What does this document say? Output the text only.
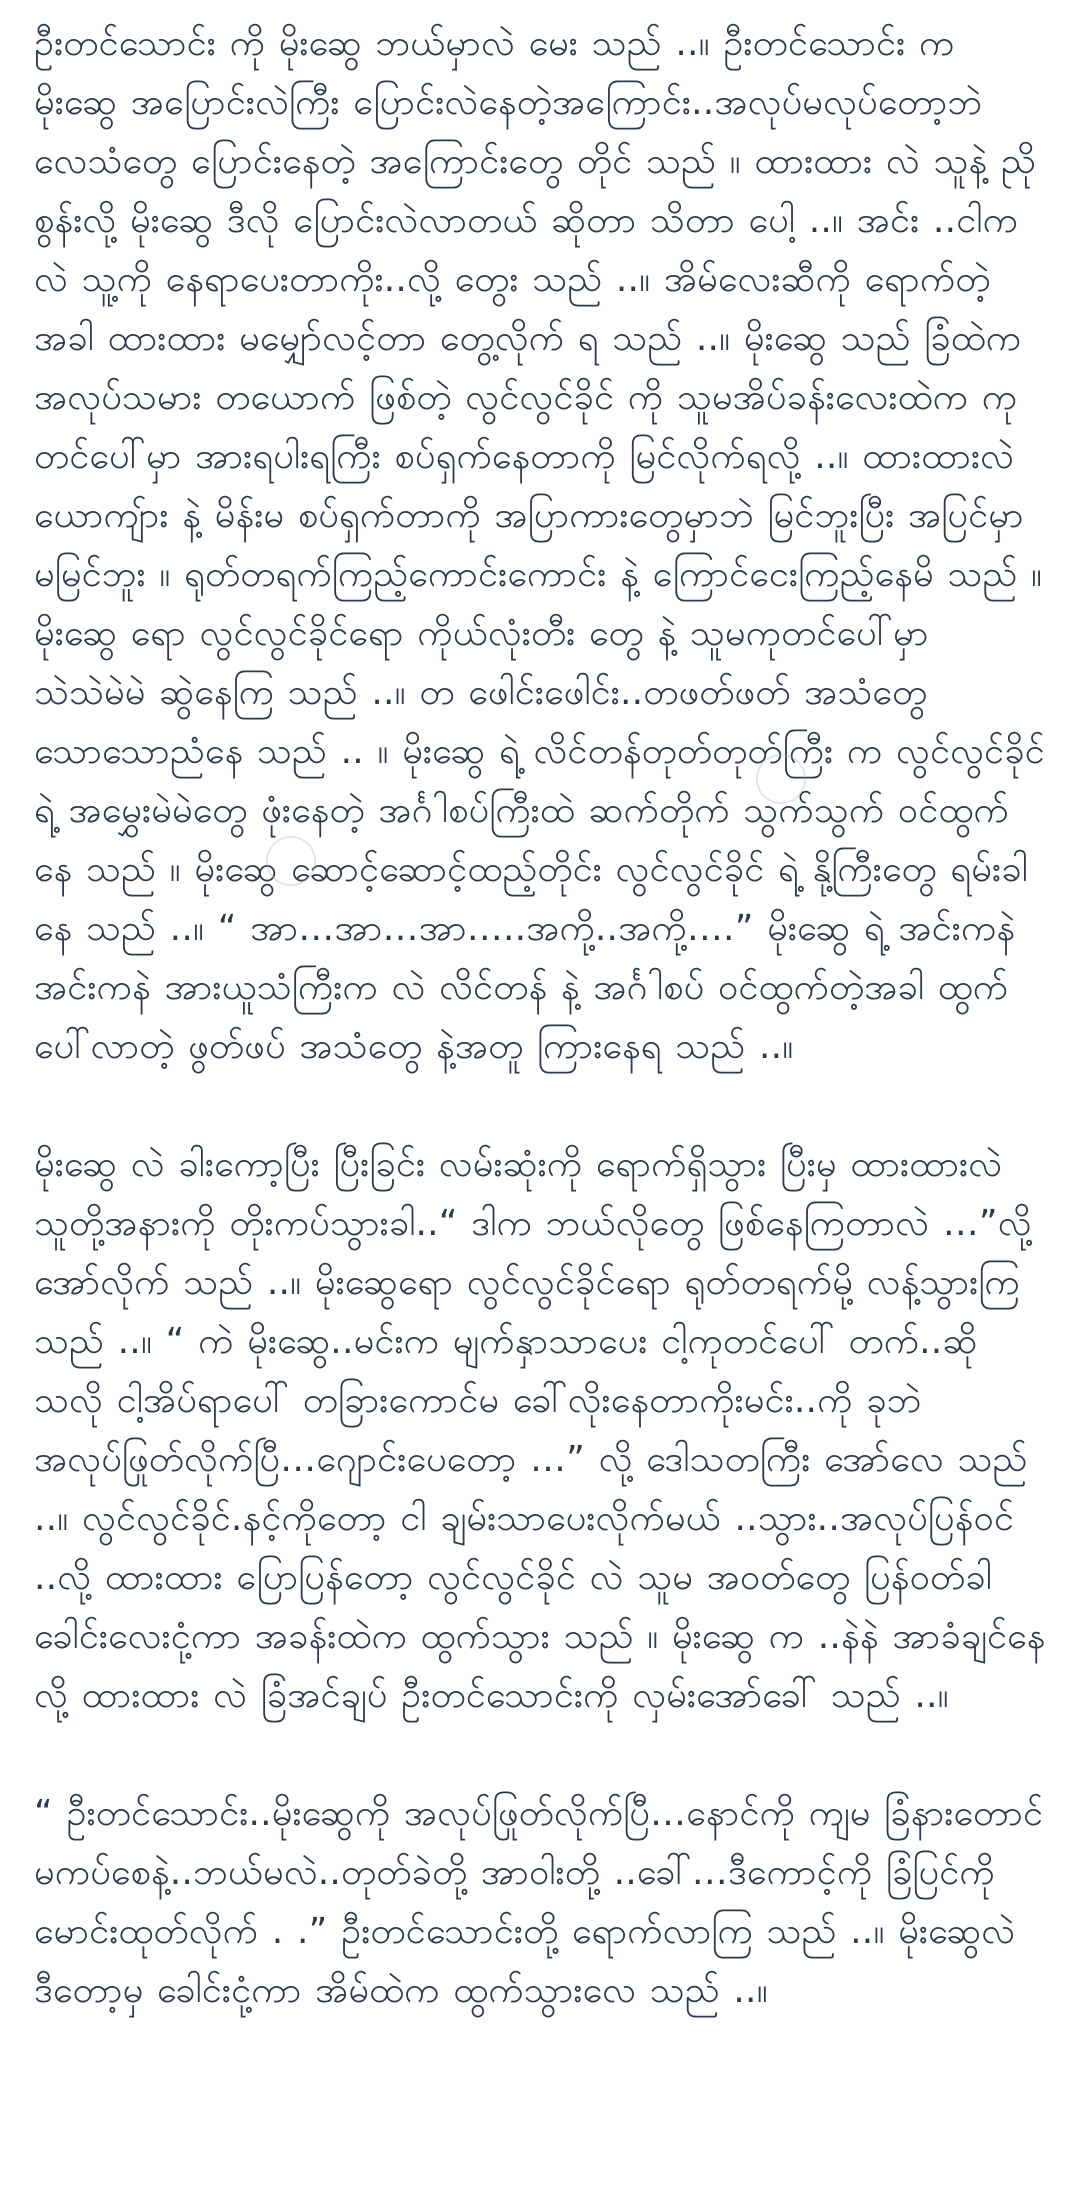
ဦးတင်သောင်း ကို မိုးဆွေ ဘယ်မှာလဲ မေး သည် ..။ ဦးတင်သောင်း က မိုးဆွေ အပြောင်းလဲကြီး ပြောင်းလဲနေတဲ့အကြောင်း..အလုပ်မလုပ်တော့ဘဲ လေသံတွေ ပြောင်းနေတဲ့ အကြောင်းတွေ တိုင် သည် ။ ထားထား လဲ သူနဲ့ ညိုစွန်းလို့ မိုးဆွေ ဒီလို ပြောင်းလဲလာတယ် ဆိုတာ သိတာ ပေါ့ ..။ အင်း ..ငါကလဲ သူ့ကို နေရာပေးတာကိုး..လို့ တွေး သည် ..။ အိမ်လေးဆီကို ရောက်တဲ့အခါ ထားထား မမျှော်လင့်တာ တွေ့လိုက် ရ သည် ..။ မိုးဆွေ သည် ခြံထဲက အလုပ်သမား တယောက် ဖြစ်တဲ့ လွင်လွင်ခိုင် ကို သူမအိပ်ခန်းလေးထဲက ကုတင်ပေါ်မှာ အားရပါးရကြီး စပ်ရှက်နေတာကို မြင်လိုက်ရလို့ ..။ ထားထားလဲ ယောကျ်ား နဲ့ မိန်းမ စပ်ရှက်တာကို အပြာကားတွေမှာဘဲ မြင်ဘူးပြီး အပြင်မှာ မမြင်ဘူး ။ ရုတ်တရက်ကြည့်ကောင်းကောင်း နဲ့ ကြောင်ငေးကြည့်နေမိ သည် ။ မိုးဆွေ ရော လွင်လွင်ခိုင်ရော ကိုယ်လုံးတီး တွေ နဲ့ သူမကုတင်ပေါ်မှာ သဲသဲမဲမဲ ဆွဲနေကြ သည် ..။ တ ဖေါင်းဖေါင်း..တဖတ်ဖတ် အသံတွေ သောသောညံနေ သည် .. ။ မိုးဆွေ ရဲ့ လိင်တန်တုတ်တုတ်ကြီး က လွင်လွင်ခိုင်ရဲ့ အမွှေးမဲမဲတွေ ဖုံးနေတဲ့ အင်္ဂါစပ်ကြီးထဲ ဆက်တိုက် သွက်သွက် ဝင်ထွက်နေ သည် ။ မိုးဆွေ ဆောင့်ဆောင့်ထည့်တိုင်း လွင်လွင်ခိုင် ရဲ့ နို့ကြီးတွေ ရမ်းခါနေ သည် ..။ “ အာ…အာ…အာ…..အကို့..အကို့….” မိုးဆွေ ရဲ့ အင်းကနဲ အင်းကနဲ အားယူသံကြီးက လဲ လိင်တန် နဲ့ အင်္ဂါစပ် ဝင်ထွက်တဲ့အခါ ထွက်ပေါ်လာတဲ့ ဖွတ်ဖပ် အသံတွေ နဲ့အတူ ကြားနေရ သည် ..။

မိုးဆွေ လဲ ခါးကော့ပြီး ပြီးခြင်း လမ်းဆုံးကို ရောက်ရှိသွား ပြီးမှ ထားထားလဲ သူတို့အနားကို တိုးကပ်သွားခါ..“ ဒါက ဘယ်လိုတွေ ဖြစ်နေကြတာလဲ …”လို့ အော်လိုက် သည် ..။ မိုးဆွေရော လွင်လွင်ခိုင်ရော ရုတ်တရက်မို့ လန့်သွားကြသည် ..။ “ ကဲ မိုးဆွေ..မင်းက မျက်နှာသာပေး ငါ့ကုတင်ပေါ် တက်..ဆိုသလို ငါ့အိပ်ရာပေါ် တခြားကောင်မ ခေါ်လိုးနေတာကိုးမင်း..ကို ခုဘဲ အလုပ်ဖြုတ်လိုက်ပြီ…ဂျောင်းပေတော့ …” လို့ ဒေါသတကြီး အော်လေ သည် ..။ လွင်လွင်ခိုင်.နင့်ကိုတော့ ငါ ချမ်းသာပေးလိုက်မယ် ..သွား..အလုပ်ပြန်ဝင် ..လို့ ထားထား ပြောပြန်တော့ လွင်လွင်ခိုင် လဲ သူမ အဝတ်တွေ ပြန်ဝတ်ခါ ခေါင်းလေးငုံ့ကာ အခန်းထဲက ထွက်သွား သည် ။ မိုးဆွေ က ..နဲနဲ အာခံချင်နေလို့ ထားထား လဲ ခြံအင်ချပ် ဦးတင်သောင်းကို လှမ်းအော်ခေါ် သည် ..။

“ ဦးတင်သောင်း..မိုးဆွေကို အလုပ်ဖြုတ်လိုက်ပြီ…နောင်ကို ကျမ ခြံနားတောင် မကပ်စေနဲ့..ဘယ်မလဲ..တုတ်ခဲတို့ အာဝါးတို့ ..ခေါ်…ဒီကောင့်ကို ခြံပြင်ကို မောင်းထုတ်လိုက် . .” ဦးတင်သောင်းတို့ ရောက်လာကြ သည် ..။ မိုးဆွေလဲ ဒီတော့မှ ခေါင်းငုံ့ကာ အိမ်ထဲက ထွက်သွားလေ သည် ..။
